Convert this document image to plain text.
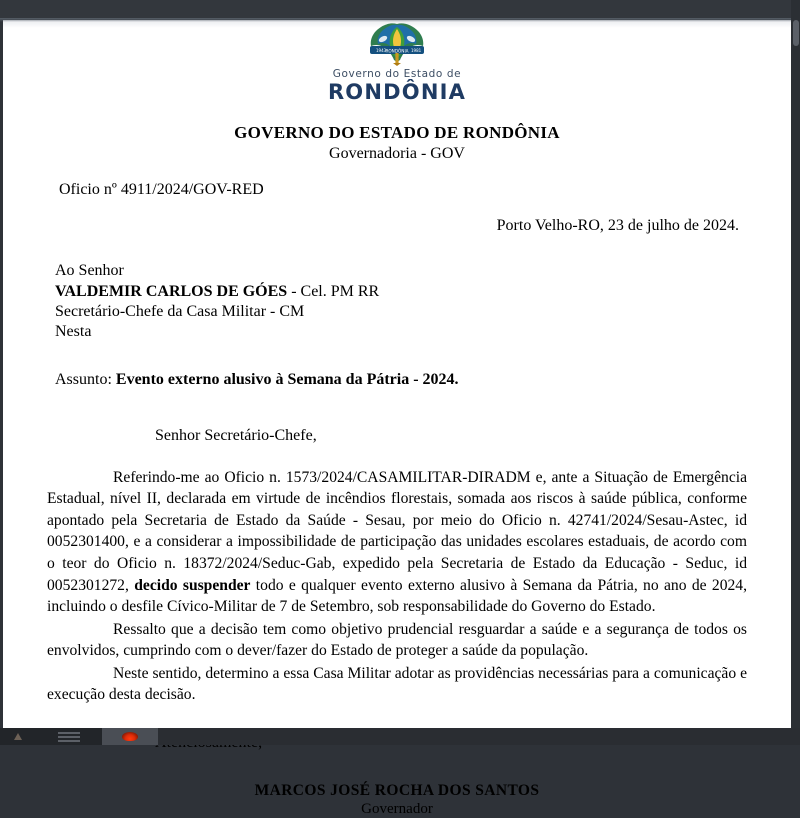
1943	1981
RONDÔNIA
Governo do Estado de
RONDÔNIA
GOVERNO DO ESTADO DE RONDÔNIA
Governadoria - GOV
Oficio nº 4911/2024/GOV-RED
Porto Velho-RO, 23 de julho de 2024.
Ao Senhor
VALDEMIR CARLOS DE GÓES - Cel. PM RR
Secretário-Chefe da Casa Militar - CM
Nesta
Assunto: Evento externo alusivo à Semana da Pátria - 2024.
Senhor Secretário-Chefe,

Referindo-me ao Oficio n. 1573/2024/CASAMILITAR-DIRADM e, ante a Situação de Emergência Estadual, nível II, declarada em virtude de incêndios florestais, somada aos riscos à saúde pública, conforme apontado pela Secretaria de Estado da Saúde - Sesau, por meio do Oficio n. 42741/2024/Sesau-Astec, id 0052301400, e a considerar a impossibilidade de participação das unidades escolares estaduais, de acordo com o teor do Oficio n. 18372/2024/Seduc-Gab, expedido pela Secretaria de Estado da Educação - Seduc, id 0052301272, decido suspender todo e qualquer evento externo alusivo à Semana da Pátria, no ano de 2024, incluindo o desfile Cívico-Militar de 7 de Setembro, sob responsabilidade do Governo do Estado.

Ressalto que a decisão tem como objetivo prudencial resguardar a saúde e a segurança de todos os envolvidos, cumprindo com o dever/fazer do Estado de proteger a saúde da população.

Neste sentido, determino a essa Casa Militar adotar as providências necessárias para a comunicação e execução desta decisão.

MARCOS JOSÉ ROCHA DOS SANTOS
Governador
